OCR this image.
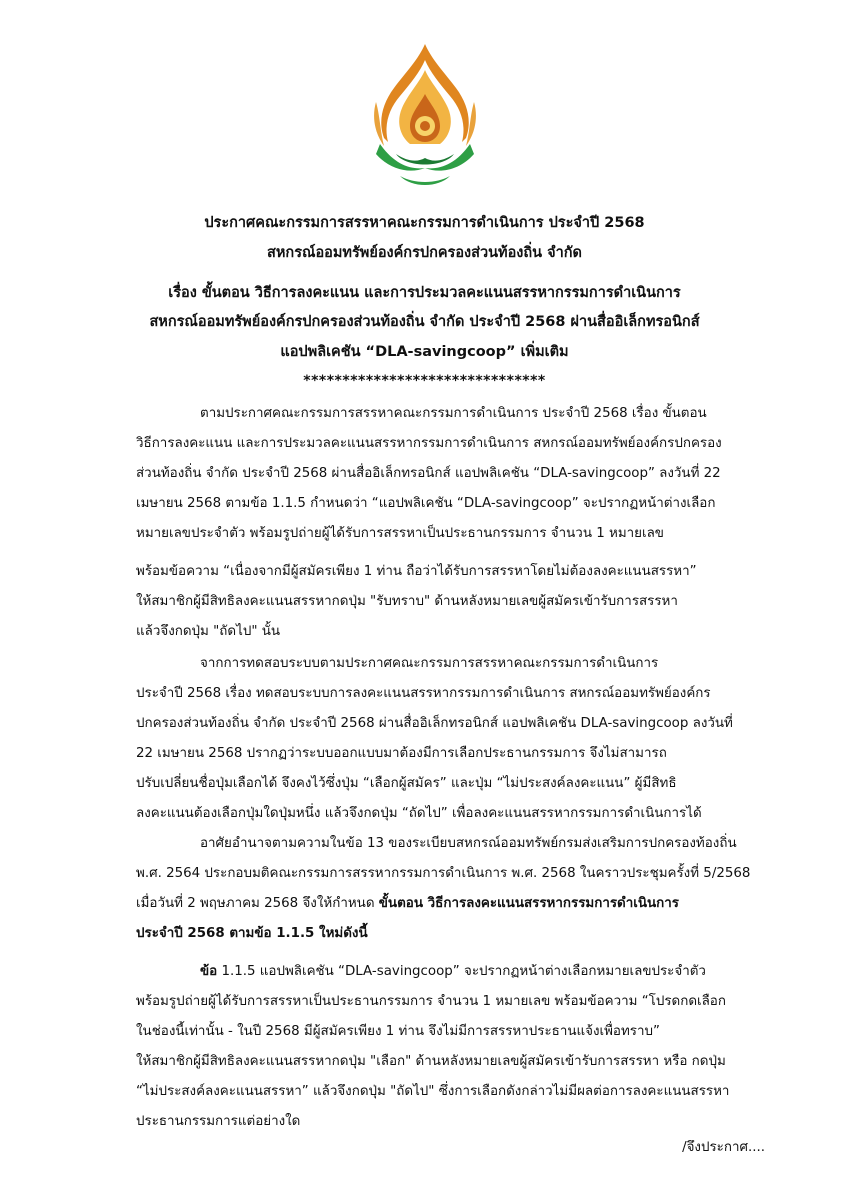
ประกาศคณะกรรมการสรรหาคณะกรรมการดำเนินการ ประจำปี 2568
สหกรณ์ออมทรัพย์องค์กรปกครองส่วนท้องถิ่น จำกัด
เรื่อง ขั้นตอน วิธีการลงคะแนน และการประมวลคะแนนสรรหากรรมการดำเนินการ
สหกรณ์ออมทรัพย์องค์กรปกครองส่วนท้องถิ่น จำกัด ประจำปี 2568 ผ่านสื่ออิเล็กทรอนิกส์
แอปพลิเคชัน “DLA-savingcoop” เพิ่มเติม
*******************************
ตามประกาศคณะกรรมการสรรหาคณะกรรมการดำเนินการ ประจำปี 2568 เรื่อง ขั้นตอน
วิธีการลงคะแนน และการประมวลคะแนนสรรหากรรมการดำเนินการ สหกรณ์ออมทรัพย์องค์กรปกครอง
ส่วนท้องถิ่น จำกัด ประจำปี 2568 ผ่านสื่ออิเล็กทรอนิกส์ แอปพลิเคชัน “DLA-savingcoop” ลงวันที่ 22
เมษายน 2568 ตามข้อ 1.1.5 กำหนดว่า “แอปพลิเคชัน “DLA-savingcoop” จะปรากฏหน้าต่างเลือก
หมายเลขประจำตัว พร้อมรูปถ่ายผู้ได้รับการสรรหาเป็นประธานกรรมการ จำนวน 1 หมายเลข
พร้อมข้อความ “เนื่องจากมีผู้สมัครเพียง 1 ท่าน ถือว่าได้รับการสรรหาโดยไม่ต้องลงคะแนนสรรหา”
ให้สมาชิกผู้มีสิทธิลงคะแนนสรรหากดปุ่ม "รับทราบ" ด้านหลังหมายเลขผู้สมัครเข้ารับการสรรหา
แล้วจึงกดปุ่ม "ถัดไป" นั้น
จากการทดสอบระบบตามประกาศคณะกรรมการสรรหาคณะกรรมการดำเนินการ
ประจำปี 2568 เรื่อง ทดสอบระบบการลงคะแนนสรรหากรรมการดำเนินการ สหกรณ์ออมทรัพย์องค์กร
ปกครองส่วนท้องถิ่น จำกัด ประจำปี 2568 ผ่านสื่ออิเล็กทรอนิกส์ แอปพลิเคชัน DLA-savingcoop ลงวันที่
22 เมษายน 2568 ปรากฏว่าระบบออกแบบมาต้องมีการเลือกประธานกรรมการ จึงไม่สามารถ
ปรับเปลี่ยนชื่อปุ่มเลือกได้ จึงคงไว้ซึ่งปุ่ม “เลือกผู้สมัคร” และปุ่ม “ไม่ประสงค์ลงคะแนน” ผู้มีสิทธิ
ลงคะแนนต้องเลือกปุ่มใดปุ่มหนึ่ง แล้วจึงกดปุ่ม “ถัดไป” เพื่อลงคะแนนสรรหากรรมการดำเนินการได้
อาศัยอำนาจตามความในข้อ 13 ของระเบียบสหกรณ์ออมทรัพย์กรมส่งเสริมการปกครองท้องถิ่น
พ.ศ. 2564 ประกอบมติคณะกรรมการสรรหากรรมการดำเนินการ พ.ศ. 2568 ในคราวประชุมครั้งที่ 5/2568
เมื่อวันที่ 2 พฤษภาคม 2568 จึงให้กำหนด ขั้นตอน วิธีการลงคะแนนสรรหากรรมการดำเนินการ
ประจำปี 2568 ตามข้อ 1.1.5 ใหม่ดังนี้
ข้อ 1.1.5 แอปพลิเคชัน “DLA-savingcoop” จะปรากฏหน้าต่างเลือกหมายเลขประจำตัว
พร้อมรูปถ่ายผู้ได้รับการสรรหาเป็นประธานกรรมการ จำนวน 1 หมายเลข พร้อมข้อความ “โปรดกดเลือก
ในช่องนี้เท่านั้น - ในปี 2568 มีผู้สมัครเพียง 1 ท่าน จึงไม่มีการสรรหาประธานแจ้งเพื่อทราบ”
ให้สมาชิกผู้มีสิทธิลงคะแนนสรรหากดปุ่ม "เลือก" ด้านหลังหมายเลขผู้สมัครเข้ารับการสรรหา หรือ กดปุ่ม
“ไม่ประสงค์ลงคะแนนสรรหา” แล้วจึงกดปุ่ม "ถัดไป" ซึ่งการเลือกดังกล่าวไม่มีผลต่อการลงคะแนนสรรหา
ประธานกรรมการแต่อย่างใด
/จึงประกาศ....
